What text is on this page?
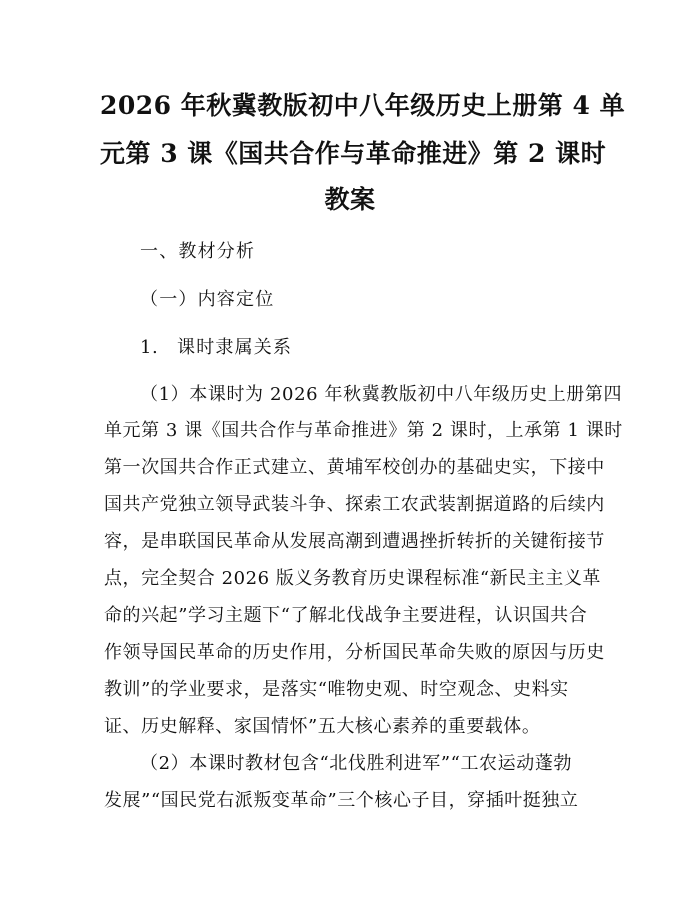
2026 年秋冀教版初中八年级历史上册第 4 单
元第 3 课《国共合作与革命推进》第 2 课时
教案
一、教材分析
（一）内容定位
1. 课时隶属关系
（1）本课时为 2026 年秋冀教版初中八年级历史上册第四
单元第 3 课《国共合作与革命推进》第 2 课时，上承第 1 课时
第一次国共合作正式建立、黄埔军校创办的基础史实，下接中
国共产党独立领导武装斗争、探索工农武装割据道路的后续内
容，是串联国民革命从发展高潮到遭遇挫折转折的关键衔接节
点，完全契合 2026 版义务教育历史课程标准“新民主主义革
命的兴起”学习主题下“了解北伐战争主要进程，认识国共合
作领导国民革命的历史作用，分析国民革命失败的原因与历史
教训”的学业要求，是落实“唯物史观、时空观念、史料实
证、历史解释、家国情怀”五大核心素养的重要载体。
（2）本课时教材包含“北伐胜利进军”“工农运动蓬勃
发展”“国民党右派叛变革命”三个核心子目，穿插叶挺独立
